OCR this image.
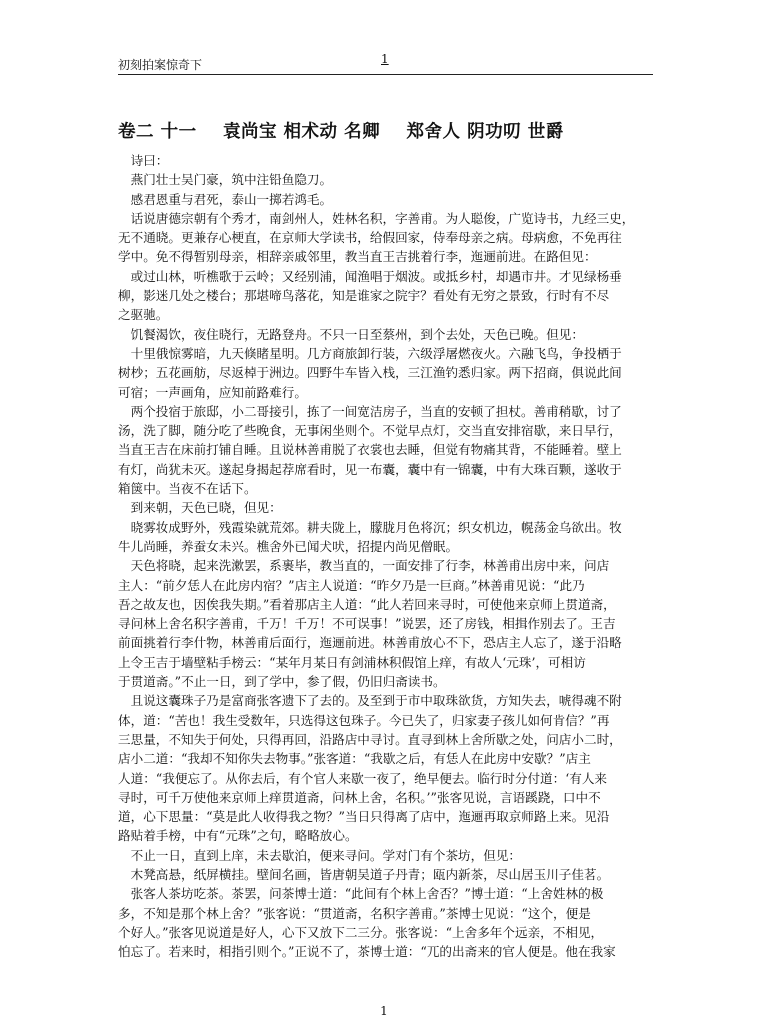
初刻拍案惊奇下	1
卷二 十一    袁尚宝 相术动 名卿    郑舍人 阴功叨 世爵
　诗曰：
　燕门壮士吴门豪，筑中注铅鱼隐刀。
　感君恩重与君死，泰山一掷若鸿毛。
　话说唐德宗朝有个秀才，南剑州人，姓林名积，字善甫。为人聪俊，广览诗书，九经三史，
无不通晓。更兼存心梗直，在京师大学读书，给假回家，侍奉母亲之病。母病愈，不免再往
学中。免不得暂别母亲，相辞亲戚邻里，教当直王吉挑着行李，迤逦前进。在路但见：
　或过山林，听樵歌于云岭；又经别浦，闻渔唱于烟波。或抵乡村，却遇市井。才见绿杨垂
柳，影迷几处之楼台；那堪啼鸟落花，知是谁家之院宇？看处有无穷之景致，行时有不尽
之驱驰。
　饥餐渴饮，夜住晓行，无路登舟。不只一日至蔡州，到个去处，天色已晚。但见：
　十里俄惊雾暗，九天倏睹星明。几方商旅卸行装，六级浮屠燃夜火。六融飞鸟，争投栖于
树杪；五花画舫，尽返棹于洲边。四野牛车皆入栈，三江渔钓悉归家。两下招商，俱说此间
可宿；一声画角，应知前路难行。
　两个投宿于旅邸，小二哥接引，拣了一间宽洁房子，当直的安顿了担杖。善甫稍歇，讨了
汤，洗了脚，随分吃了些晚食，无事闲坐则个。不觉早点灯，交当直安排宿歇，来日早行，
当直王吉在床前打铺自睡。且说林善甫脱了衣裳也去睡，但觉有物痛其背，不能睡着。壁上
有灯，尚犹未灭。遂起身揭起荐席看时，见一布囊，囊中有一锦囊，中有大珠百颗，遂收于
箱箧中。当夜不在话下。
　到来朝，天色已晓，但见：
　晓雾妆成野外，残霞染就荒郊。耕夫陇上，朦胧月色将沉；织女机边，幌荡金乌欲出。牧
牛儿尚睡，养蚕女未兴。樵舍外已闻犬吠，招提内尚见僧眠。
　天色将晓，起来洗漱罢，系裹毕，教当直的，一面安排了行李，林善甫出房中来，问店
主人：“前夕恁人在此房内宿？”店主人说道：“昨夕乃是一巨商。”林善甫见说：“此乃
吾之故友也，因俟我失期。”看着那店主人道：“此人若回来寻时，可使他来京师上贯道斋，
寻问林上舍名积字善甫，千万！千万！不可误事！”说罢，还了房钱，相揖作别去了。王吉
前面挑着行李什物，林善甫后面行，迤逦前进。林善甫放心不下，恐店主人忘了，遂于沿略
上令王吉于墙壁粘手榜云：“某年月某日有剑浦林积假馆上痒，有故人‘元珠’，可相访
于贯道斋。”不止一日，到了学中，参了假，仍旧归斋读书。
　且说这囊珠子乃是富商张客遗下了去的。及至到于市中取珠欲货，方知失去，唬得魂不附
体，道：“苦也！我生受数年，只选得这包珠子。今已失了，归家妻子孩儿如何肯信？”再
三思量，不知失于何处，只得再回，沿路店中寻讨。直寻到林上舍所歇之处，问店小二时，
店小二道：“我却不知你失去物事。”张客道：“我歇之后，有恁人在此房中安歇？”店主
人道：“我便忘了。从你去后，有个官人来歇一夜了，绝早便去。临行时分付道：‘有人来
寻时，可千万使他来京师上痒贯道斋，问林上舍，名积。’”张客见说，言语蹊跷，口中不
道，心下思量：“莫是此人收得我之物？”当日只得离了店中，迤逦再取京师路上来。见沿
路贴着手榜，中有“元珠”之句，略略放心。
　不止一日，直到上庠，未去歇泊，便来寻问。学对门有个茶坊，但见：
　木凳高悬，纸屏横挂。壁间名画，皆唐朝吴道子丹青；瓯内新茶，尽山居玉川子佳茗。
　张客人茶坊吃茶。茶罢，问茶博士道：“此间有个林上舍否？”博士道：“上舍姓林的极
多，不知是那个林上舍？”张客说：“贯道斋，名积字善甫。”茶博士见说：“这个，便是
个好人。”张客见说道是好人，心下又放下二三分。张客说：“上舍多年个远亲，不相见，
怕忘了。若来时，相指引则个。”正说不了，茶博士道：“兀的出斋来的官人便是。他在我家
1
